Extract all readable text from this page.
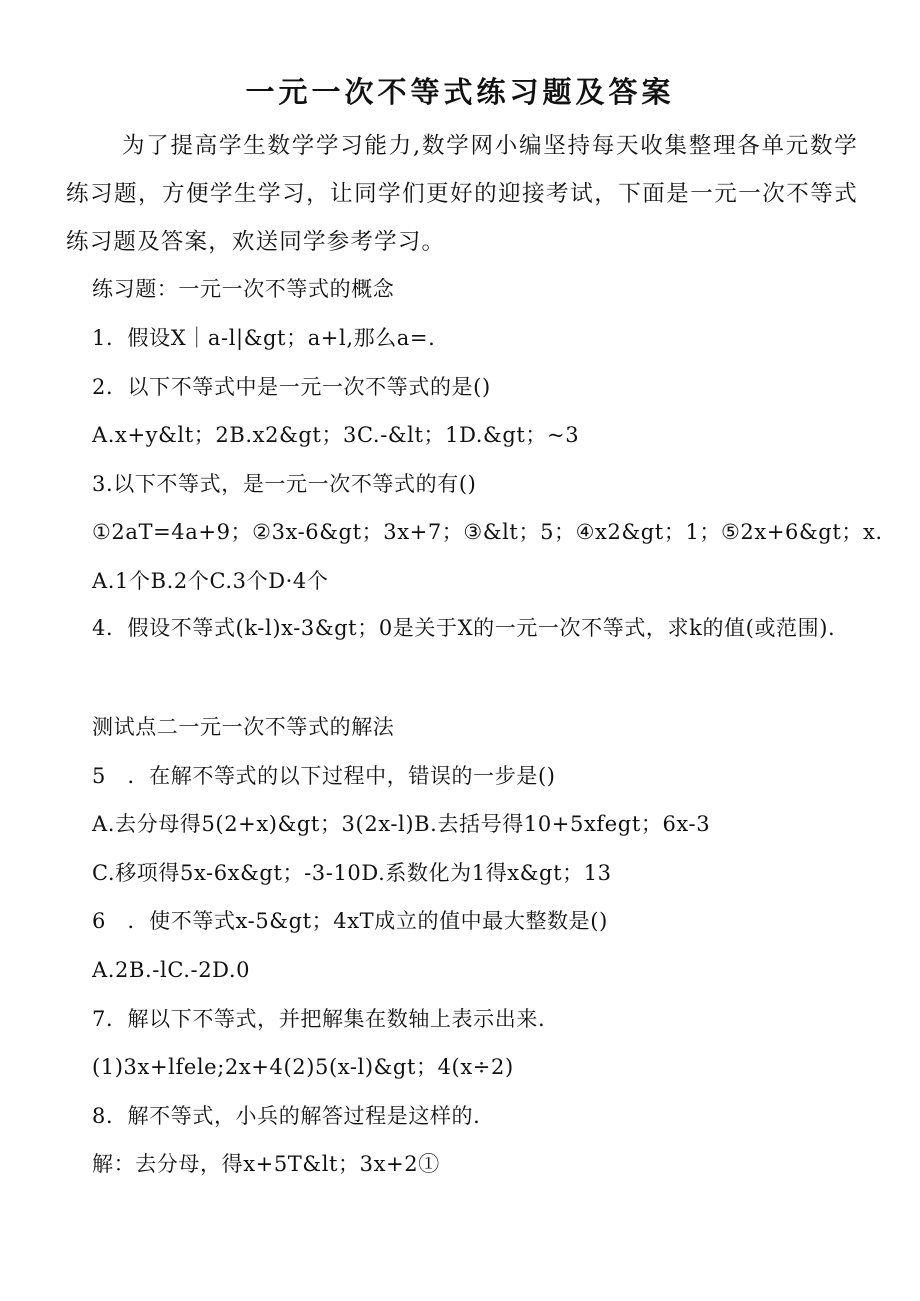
一元一次不等式练习题及答案
为了提高学生数学学习能力,数学网小编坚持每天收集整理各单元数学练习题，方便学生学习，让同学们更好的迎接考试，下面是一元一次不等式练习题及答案，欢送同学参考学习。
练习题：一元一次不等式的概念
1．假设X｜a-l|&gt；a+l,那么a=.
2．以下不等式中是一元一次不等式的是()
A.x+y&lt；2B.x2&gt；3C.-&lt；1D.&gt；~3
3.以下不等式，是一元一次不等式的有()
①2aT=4a+9；②3x-6&gt；3x+7；③&lt；5；④x2&gt；1；⑤2x+6&gt；x.
A.1个B.2个C.3个D·4个
4．假设不等式(k-l)x-3&gt；0是关于X的一元一次不等式，求k的值(或范围).
测试点二一元一次不等式的解法
5　．在解不等式的以下过程中，错误的一步是()
A.去分母得5(2+x)&gt；3(2x-l)B.去括号得10+5xfegt；6x-3
C.移项得5x-6x&gt；-3-10D.系数化为1得x&gt；13
6　．使不等式x-5&gt；4xT成立的值中最大整数是()
A.2B.-lC.-2D.0
7．解以下不等式，并把解集在数轴上表示出来.
(1)3x+lfele;2x+4(2)5(x-l)&gt；4(x÷2)
8．解不等式，小兵的解答过程是这样的.
解：去分母，得x+5T&lt；3x+2①
